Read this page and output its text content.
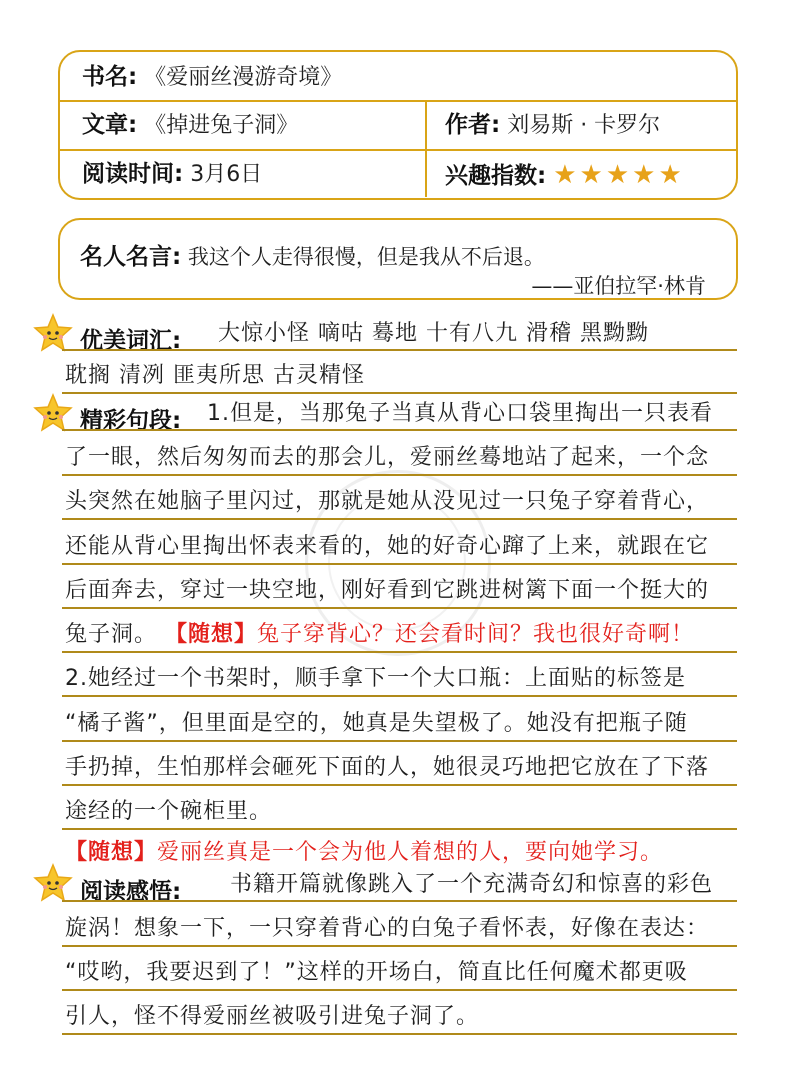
书名: 《爱丽丝漫游奇境》
文章: 《掉进兔子洞》	作者: 刘易斯 · 卡罗尔
阅读时间: 3月6日	兴趣指数: ★ ★ ★ ★ ★
名人名言: 我这个人走得很慢，但是我从不后退。
——亚伯拉罕·林肯
优美词汇: 大惊小怪 嘀咕 蓦地 十有八九 滑稽 黑黝黝
耽搁 清冽 匪夷所思 古灵精怪
精彩句段: 1.但是，当那兔子当真从背心口袋里掏出一只表看
了一眼，然后匆匆而去的那会儿，爱丽丝蓦地站了起来，一个念
头突然在她脑子里闪过，那就是她从没见过一只兔子穿着背心，
还能从背心里掏出怀表来看的，她的好奇心蹿了上来，就跟在它
后面奔去，穿过一块空地，刚好看到它跳进树篱下面一个挺大的
兔子洞。 【随想】兔子穿背心？还会看时间？我也很好奇啊！
2.她经过一个书架时，顺手拿下一个大口瓶：上面贴的标签是
“橘子酱”，但里面是空的，她真是失望极了。她没有把瓶子随
手扔掉，生怕那样会砸死下面的人，她很灵巧地把它放在了下落
途经的一个碗柜里。
【随想】爱丽丝真是一个会为他人着想的人，要向她学习。
阅读感悟: 书籍开篇就像跳入了一个充满奇幻和惊喜的彩色
旋涡！想象一下，一只穿着背心的白兔子看怀表，好像在表达：
“哎哟，我要迟到了！”这样的开场白，简直比任何魔术都更吸
引人，怪不得爱丽丝被吸引进兔子洞了。
